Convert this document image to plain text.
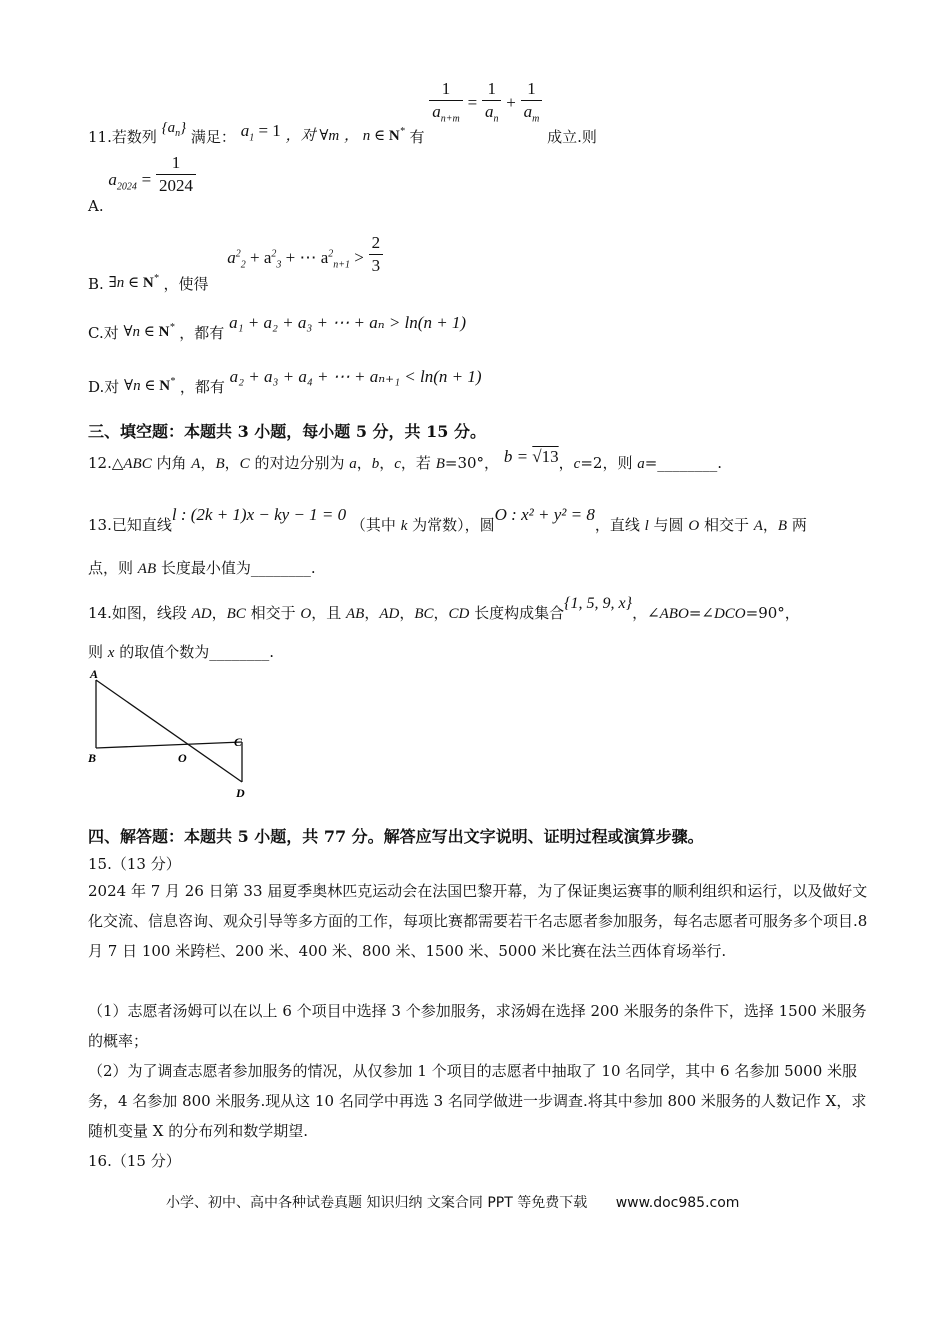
11.若数列 $\{a_n\}$ 满足： $a_1 = 1$ ，对 ∀m ， n ∈ N* 有
$\frac{1}{a_{n+m}} = \frac{1}{a_n} + \frac{1}{a_m}$
成立.则
A. $a_{2024} = \frac{1}{2024}$
B. ∃n ∈ N* ，使得 $a^2_2 + a^2_3$ + ⋯ $a^2_{n+1} > \frac{2}{3}$
C.对 ∀n ∈ N* ，都有 a₁ + a₂ + a₃ + ⋯ + aₙ > ln(n + 1)
D.对 ∀n ∈ N* ，都有 a₂ + a₃ + a₄ + ⋯ + aₙ₊₁ < ln(n + 1)
三、填空题：本题共 3 小题，每小题 5 分，共 15 分。
12.△ABC 内角 A，B，C 的对边分别为 a，b，c，若 B=30°， b = √13，c=2，则 a=________.
13.已知直线l : (2k + 1)x − ky − 1 = 0 （其中 k 为常数），圆O : x² + y² = 8，直线 l 与圆 O 相交于 A，B 两
点，则 AB 长度最小值为________.
14.如图，线段 AD，BC 相交于 O，且 AB，AD，BC，CD 长度构成集合{1, 5, 9, x}，∠ABO=∠DCO=90°，
则 x 的取值个数为________.
A
B	O
C
D
四、解答题：本题共 5 小题，共 77 分。解答应写出文字说明、证明过程或演算步骤。
15.（13 分）
2024 年 7 月 26 日第 33 届夏季奥林匹克运动会在法国巴黎开幕，为了保证奥运赛事的顺利组织和运行，以及做好文化交流、信息咨询、观众引导等多方面的工作，每项比赛都需要若干名志愿者参加服务，每名志愿者可服务多个项目.8 月 7 日 100 米跨栏、200 米、400 米、800 米、1500 米、5000 米比赛在法兰西体育场举行.
（1）志愿者汤姆可以在以上 6 个项目中选择 3 个参加服务，求汤姆在选择 200 米服务的条件下，选择 1500 米服务的概率；
（2）为了调查志愿者参加服务的情况，从仅参加 1 个项目的志愿者中抽取了 10 名同学，其中 6 名参加 5000 米服务，4 名参加 800 米服务.现从这 10 名同学中再选 3 名同学做进一步调查.将其中参加 800 米服务的人数记作 X，求随机变量 X 的分布列和数学期望.
16.（15 分）
小学、初中、高中各种试卷真题 知识归纳 文案合同 PPT 等免费下载 www.doc985.com
